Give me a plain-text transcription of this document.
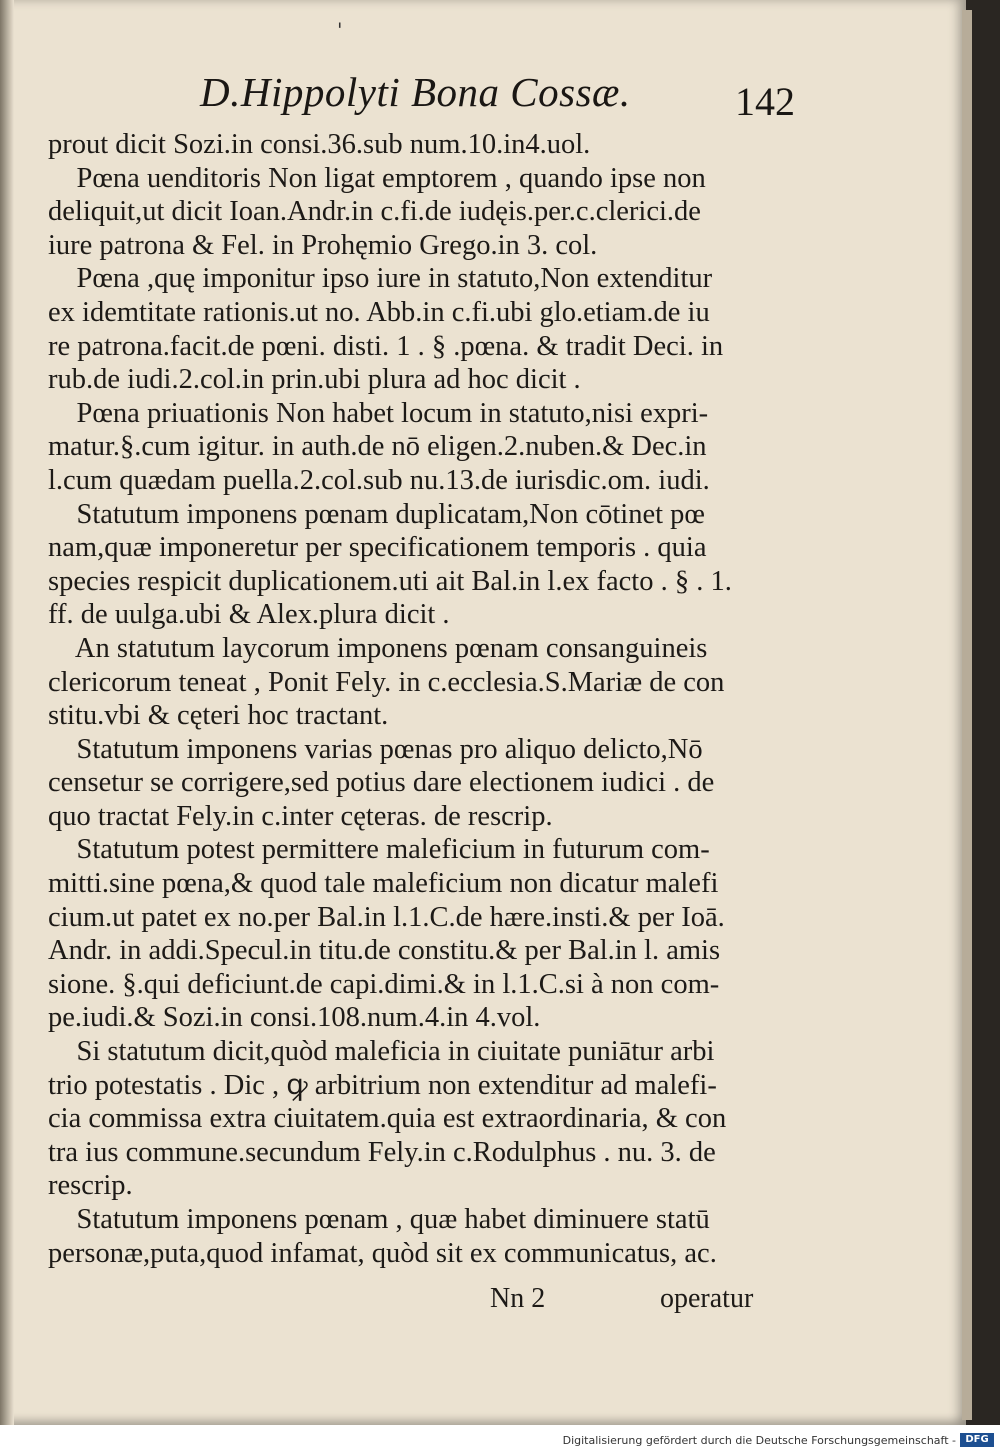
'
D.Hippolyti Bona Cossæ.	142
prout dicit Sozi.in consi.36.sub num.10.in4.uol.
Pœna uenditoris Non ligat emptorem , quando ipse non
deliquit,ut dicit Ioan.Andr.in c.fi.de iudęis.per.c.clerici.de
iure patrona & Fel. in Prohęmio Grego.in 3. col.
Pœna ,quę imponitur ipso iure in statuto,Non extenditur
ex idemtitate rationis.ut no. Abb.in c.fi.ubi glo.etiam.de iu
re patrona.facit.de pœni. disti. 1 . § .pœna. & tradit Deci. in
rub.de iudi.2.col.in prin.ubi plura ad hoc dicit .
Pœna priuationis Non habet locum in statuto,nisi expri-
matur.§.cum igitur. in auth.de nō eligen.2.nuben.& Dec.in
l.cum quædam puella.2.col.sub nu.13.de iurisdic.om. iudi.
Statutum imponens pœnam duplicatam,Non cōtinet pœ
nam,quæ imponeretur per specificationem temporis . quia
species respicit duplicationem.uti ait Bal.in l.ex facto . § . 1.
ff. de uulga.ubi & Alex.plura dicit .
An statutum laycorum imponens pœnam consanguineis
clericorum teneat , Ponit Fely. in c.ecclesia.S.Mariæ de con
stitu.vbi & cęteri hoc tractant.
Statutum imponens varias pœnas pro aliquo delicto,Nō
censetur se corrigere,sed potius dare electionem iudici . de
quo tractat Fely.in c.inter cęteras. de rescrip.
Statutum potest permittere maleficium in futurum com-
mitti.sine pœna,& quod tale maleficium non dicatur malefi
cium.ut patet ex no.per Bal.in l.1.C.de hære.insti.& per Ioā.
Andr. in addi.Specul.in titu.de constitu.& per Bal.in l. amis
sione. §.qui deficiunt.de capi.dimi.& in l.1.C.si à non com-
pe.iudi.& Sozi.in consi.108.num.4.in 4.vol.
Si statutum dicit,quòd maleficia in ciuitate puniātur arbi
trio potestatis . Dic , ꝙ arbitrium non extenditur ad malefi-
cia commissa extra ciuitatem.quia est extraordinaria, & con
tra ius commune.secundum Fely.in c.Rodulphus . nu. 3. de
rescrip.
Statutum imponens pœnam , quæ habet diminuere statū
personæ,puta,quod infamat, quòd sit ex communicatus, ac.
Nn 2	operatur
Digitalisierung gefördert durch die Deutsche Forschungsgemeinschaft - DFG
